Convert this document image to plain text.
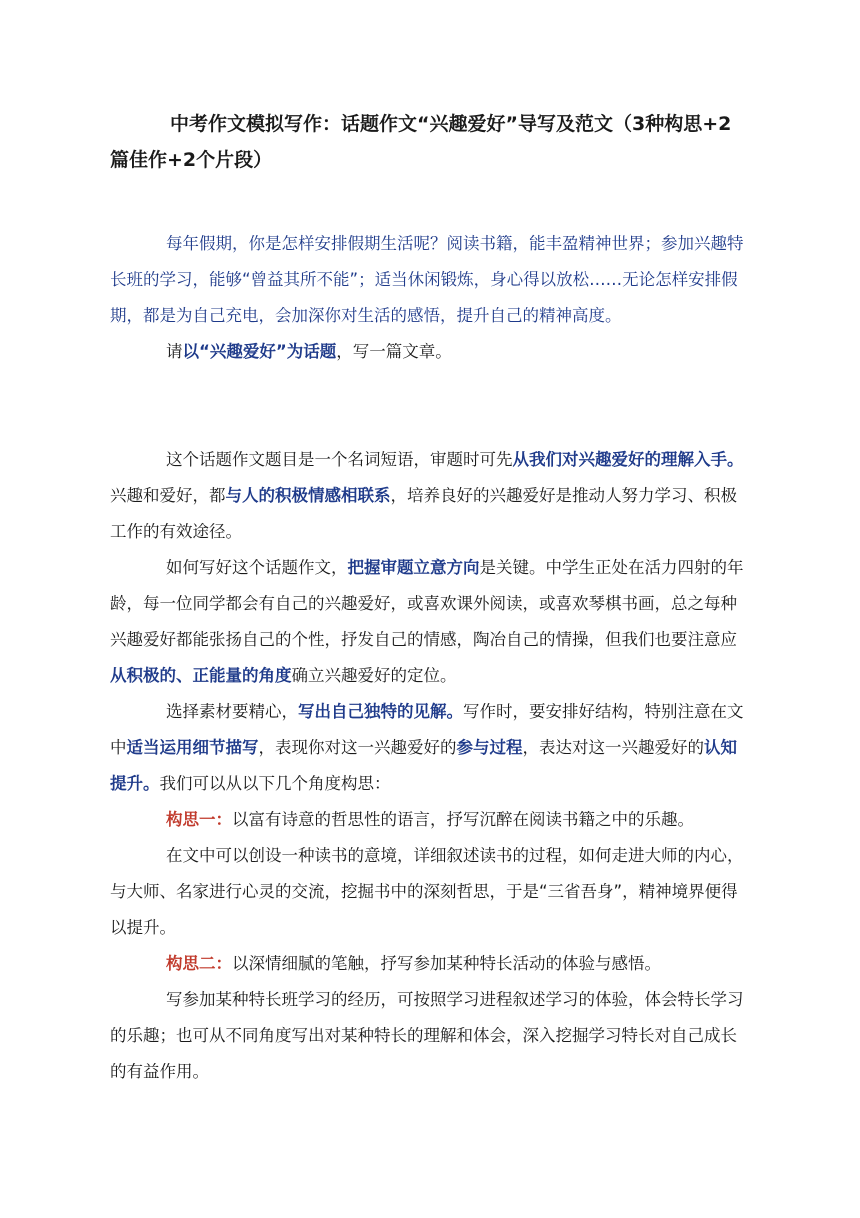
中考作文模拟写作：话题作文“兴趣爱好”导写及范文（3种构思+2篇佳作+2个片段）

每年假期，你是怎样安排假期生活呢？阅读书籍，能丰盈精神世界；参加兴趣特长班的学习，能够“曾益其所不能”；适当休闲锻炼，身心得以放松……无论怎样安排假期，都是为自己充电，会加深你对生活的感悟，提升自己的精神高度。

请以“兴趣爱好”为话题，写一篇文章。

这个话题作文题目是一个名词短语，审题时可先从我们对兴趣爱好的理解入手。兴趣和爱好，都与人的积极情感相联系，培养良好的兴趣爱好是推动人努力学习、积极工作的有效途径。

如何写好这个话题作文，把握审题立意方向是关键。中学生正处在活力四射的年龄，每一位同学都会有自己的兴趣爱好，或喜欢课外阅读，或喜欢琴棋书画，总之每种兴趣爱好都能张扬自己的个性，抒发自己的情感，陶冶自己的情操，但我们也要注意应从积极的、正能量的角度确立兴趣爱好的定位。

选择素材要精心，写出自己独特的见解。写作时，要安排好结构，特别注意在文中适当运用细节描写，表现你对这一兴趣爱好的参与过程，表达对这一兴趣爱好的认知提升。我们可以从以下几个角度构思：

构思一：以富有诗意的哲思性的语言，抒写沉醉在阅读书籍之中的乐趣。

在文中可以创设一种读书的意境，详细叙述读书的过程，如何走进大师的内心，与大师、名家进行心灵的交流，挖掘书中的深刻哲思，于是“三省吾身”，精神境界便得以提升。

构思二：以深情细腻的笔触，抒写参加某种特长活动的体验与感悟。

写参加某种特长班学习的经历，可按照学习进程叙述学习的体验，体会特长学习的乐趣；也可从不同角度写出对某种特长的理解和体会，深入挖掘学习特长对自己成长的有益作用。
